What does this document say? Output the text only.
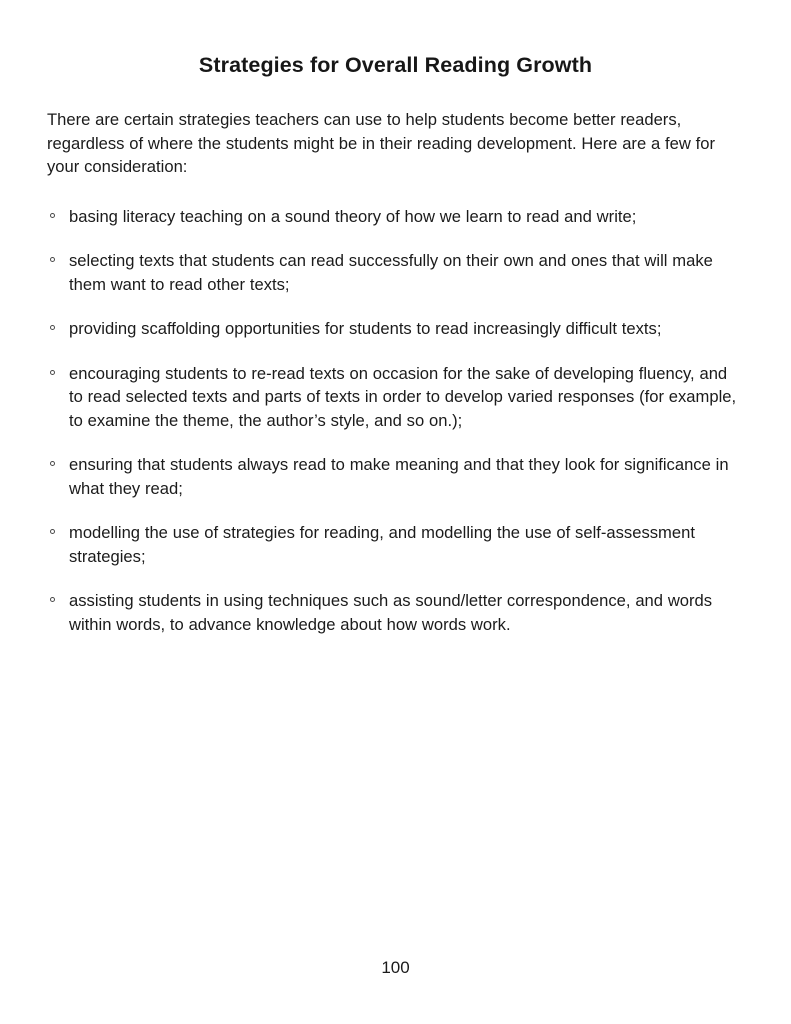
Strategies for Overall Reading Growth

There are certain strategies teachers can use to help students become better readers, regardless of where the students might be in their reading development. Here are a few for your consideration:

basing literacy teaching on a sound theory of how we learn to read and write;
selecting texts that students can read successfully on their own and ones that will make them want to read other texts;
providing scaffolding opportunities for students to read increasingly difficult texts;
encouraging students to re-read texts on occasion for the sake of developing fluency, and to read selected texts and parts of texts in order to develop varied responses (for example, to examine the theme, the author’s style, and so on.);
ensuring that students always read to make meaning and that they look for significance in what they read;
modelling the use of strategies for reading, and modelling the use of self-assessment strategies;
assisting students in using techniques such as sound/letter correspondence, and words within words, to advance knowledge about how words work.
100
